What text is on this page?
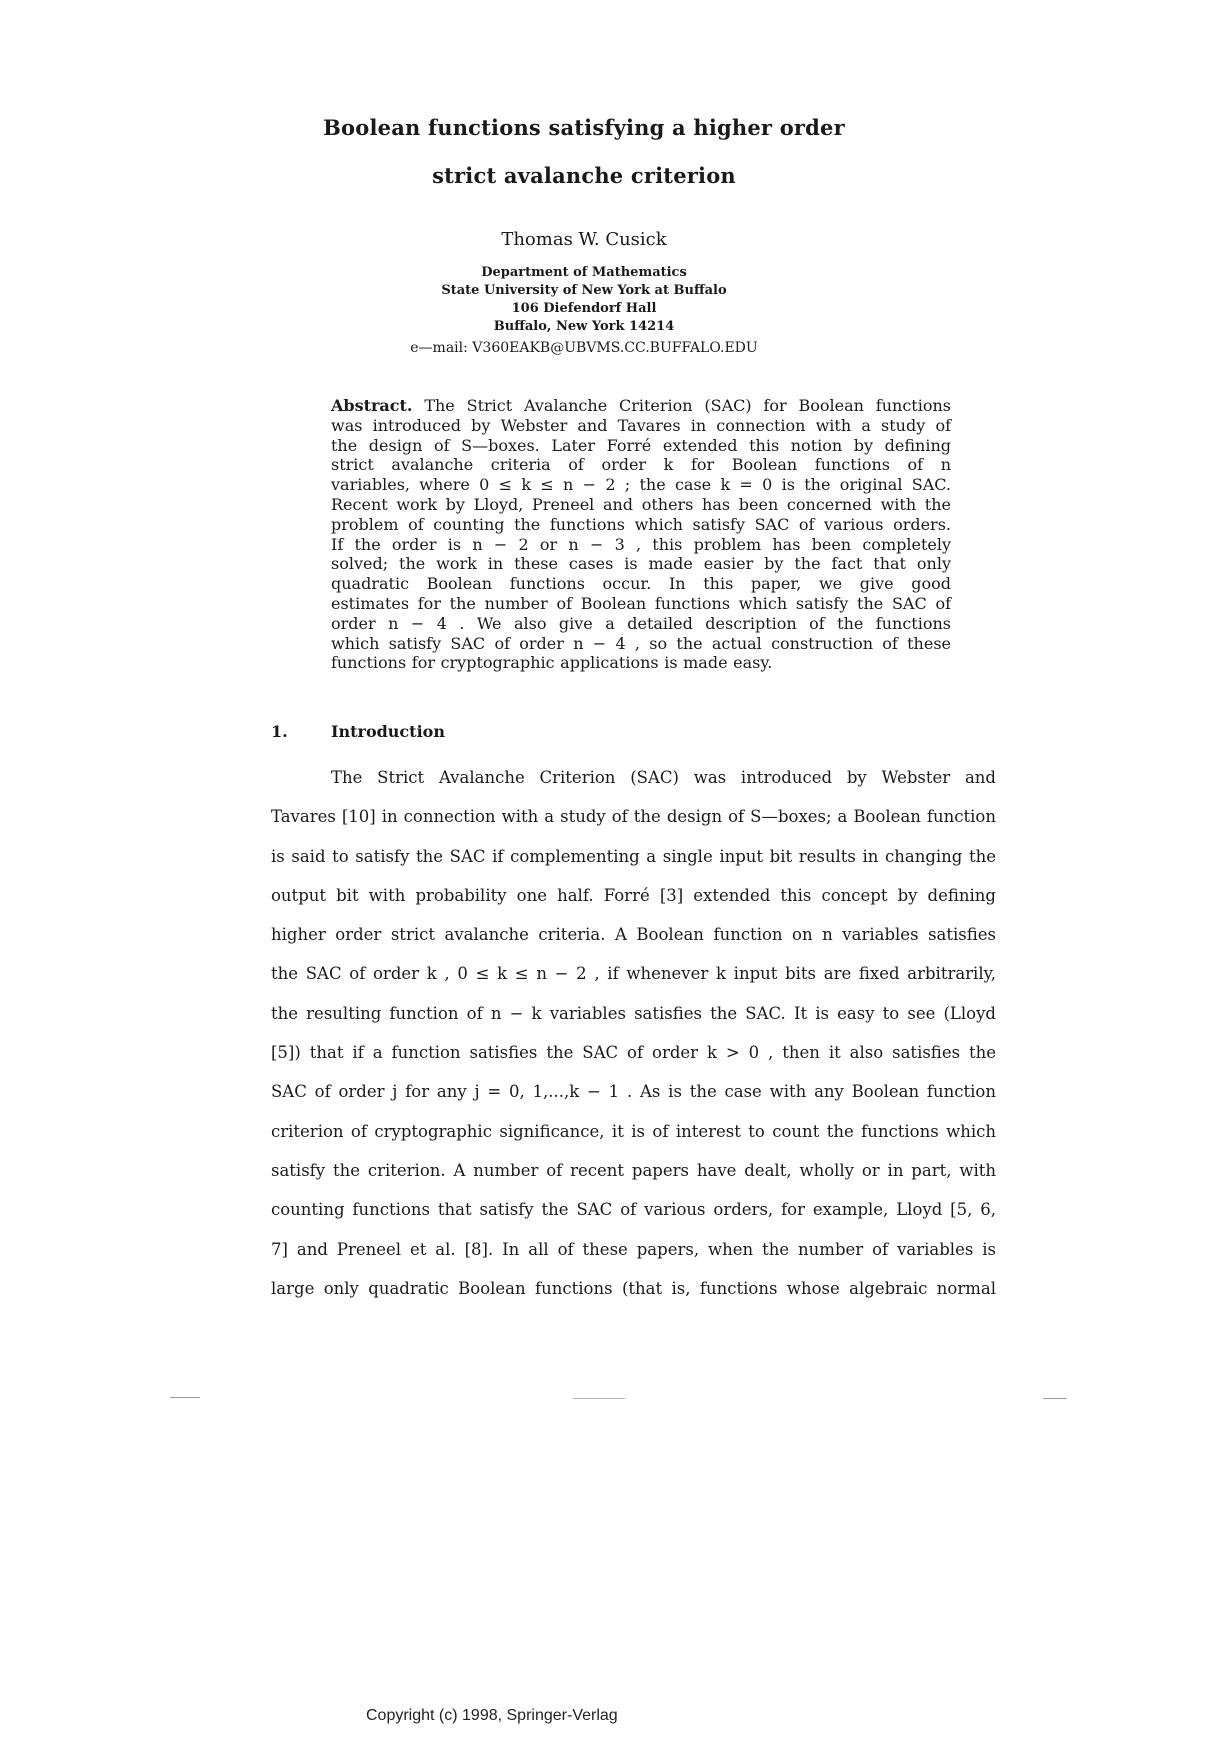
Boolean functions satisfying a higher order
strict avalanche criterion
Thomas W. Cusick
Department of Mathematics
State University of New York at Buffalo
106 Diefendorf Hall
Buffalo, New York 14214
e—mail: V360EAKB@UBVMS.CC.BUFFALO.EDU
Abstract. The Strict Avalanche Criterion (SAC) for Boolean functions
was introduced by Webster and Tavares in connection with a study of
the design of S—boxes. Later Forré extended this notion by defining
strict avalanche criteria of order k for Boolean functions of n
variables, where 0 ≤ k ≤ n − 2 ; the case k = 0 is the original SAC.
Recent work by Lloyd, Preneel and others has been concerned with the
problem of counting the functions which satisfy SAC of various orders.
If the order is n − 2 or n − 3 , this problem has been completely
solved; the work in these cases is made easier by the fact that only
quadratic Boolean functions occur. In this paper, we give good
estimates for the number of Boolean functions which satisfy the SAC of
order n − 4 . We also give a detailed description of the functions
which satisfy SAC of order n − 4 , so the actual construction of these
functions for cryptographic applications is made easy.
1.	Introduction
The Strict Avalanche Criterion (SAC) was introduced by Webster and
Tavares [10] in connection with a study of the design of S—boxes; a Boolean function
is said to satisfy the SAC if complementing a single input bit results in changing the
output bit with probability one half. Forré [3] extended this concept by defining
higher order strict avalanche criteria. A Boolean function on n variables satisfies
the SAC of order k , 0 ≤ k ≤ n − 2 , if whenever k input bits are fixed arbitrarily,
the resulting function of n − k variables satisfies the SAC. It is easy to see (Lloyd
[5]) that if a function satisfies the SAC of order k > 0 , then it also satisfies the
SAC of order j for any j = 0, 1,...,k − 1 . As is the case with any Boolean function
criterion of cryptographic significance, it is of interest to count the functions which
satisfy the criterion. A number of recent papers have dealt, wholly or in part, with
counting functions that satisfy the SAC of various orders, for example, Lloyd [5, 6,
7] and Preneel et al. [8]. In all of these papers, when the number of variables is
large only quadratic Boolean functions (that is, functions whose algebraic normal
Copyright (c) 1998, Springer-Verlag
